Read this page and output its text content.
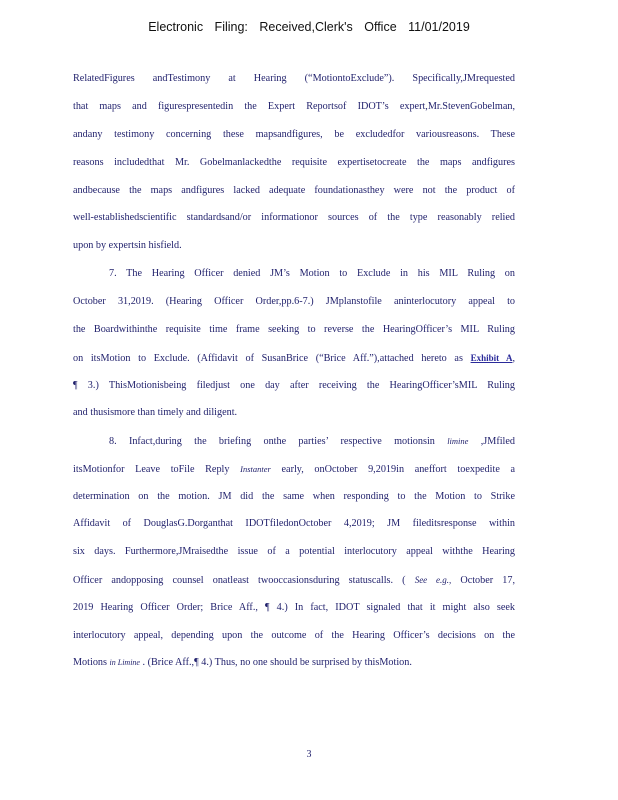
Electronic Filing: Received,Clerk's Office 11/01/2019
RelatedFigures andTestimony at Hearing (“MotiontoExclude”). Specifically,JMrequested
that maps and figurespresentedin the Expert Reportsof IDOT’s expert,Mr.StevenGobelman,
andany testimony concerning these mapsandfigures, be excludedfor variousreasons. These
reasons includedthat Mr. Gobelmanlackedthe requisite expertisetocreate the maps andfigures
andbecause the maps andfigures lacked adequate foundationasthey were not the product of
well-establishedscientific standardsand/or informationor sources of the type reasonably relied
upon by expertsin hisfield.
7. The Hearing Officer denied JM’s Motion to Exclude in his MIL Ruling on
October 31,2019. (Hearing Officer Order,pp.6-7.) JMplanstofile aninterlocutory appeal to
the Boardwithinthe requisite time frame seeking to reverse the HearingOfficer’s MIL Ruling
on itsMotion to Exclude. (Affidavit of SusanBrice (“Brice Aff.”),attached hereto as Exhibit A,
¶ 3.) ThisMotionisbeing filedjust one day after receiving the HearingOfficer’sMIL Ruling
and thusismore than timely and diligent.
8. Infact,during the briefing onthe parties’ respective motionsin limine ,JMfiled
itsMotionfor Leave toFile Reply Instanter early, onOctober 9,2019in aneffort toexpedite a
determination on the motion. JM did the same when responding to the Motion to Strike
Affidavit of DouglasG.Dorganthat IDOTfiledonOctober 4,2019; JM fileditsresponse within
six days. Furthermore,JMraisedthe issue of a potential interlocutory appeal withthe Hearing
Officer andopposing counsel onatleast twooccasionsduring statuscalls. ( See e.g., October 17,
2019 Hearing Officer Order; Brice Aff., ¶ 4.) In fact, IDOT signaled that it might also seek
interlocutory appeal, depending upon the outcome of the Hearing Officer’s decisions on the
Motions in Limine . (Brice Aff.,¶ 4.) Thus, no one should be surprised by thisMotion.
3
